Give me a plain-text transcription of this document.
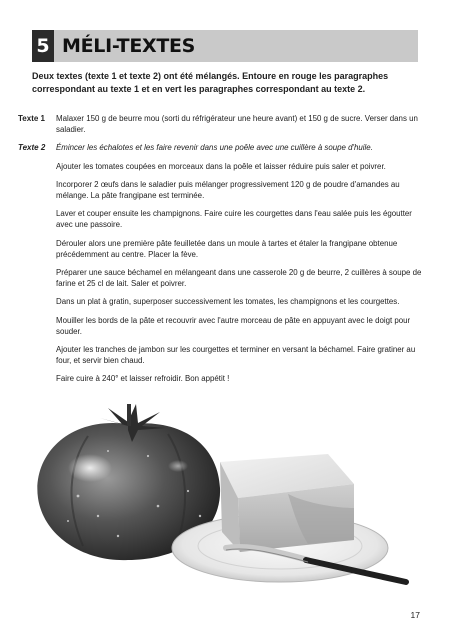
5 MÉLI-TEXTES
Deux textes (texte 1 et texte 2) ont été mélangés. Entoure en rouge les paragraphes correspondant au texte 1 et en vert les paragraphes correspondant au texte 2.
Texte 1	Malaxer 150 g de beurre mou (sorti du réfrigérateur une heure avant) et 150 g de sucre. Verser dans un saladier.
Texte 2	Émincer les échalotes et les faire revenir dans une poêle avec une cuillère à soupe d'huile.

Ajouter les tomates coupées en morceaux dans la poêle et laisser réduire puis saler et poivrer.

Incorporer 2 œufs dans le saladier puis mélanger progressivement 120 g de poudre d'amandes au mélange. La pâte frangipane est terminée.

Laver et couper ensuite les champignons. Faire cuire les courgettes dans l'eau salée puis les égoutter avec une passoire.

Dérouler alors une première pâte feuilletée dans un moule à tartes et étaler la frangipane obtenue précédemment au centre. Placer la fève.

Préparer une sauce béchamel en mélangeant dans une casserole 20 g de beurre, 2 cuillères à soupe de farine et 25 cl de lait. Saler et poivrer.

Dans un plat à gratin, superposer successivement les tomates, les champignons et les courgettes.

Mouiller les bords de la pâte et recouvrir avec l'autre morceau de pâte en appuyant avec le doigt pour souder.

Ajouter les tranches de jambon sur les courgettes et terminer en versant la béchamel. Faire gratiner au four, et servir bien chaud.

Faire cuire à 240° et laisser refroidir. Bon appétit !

17
